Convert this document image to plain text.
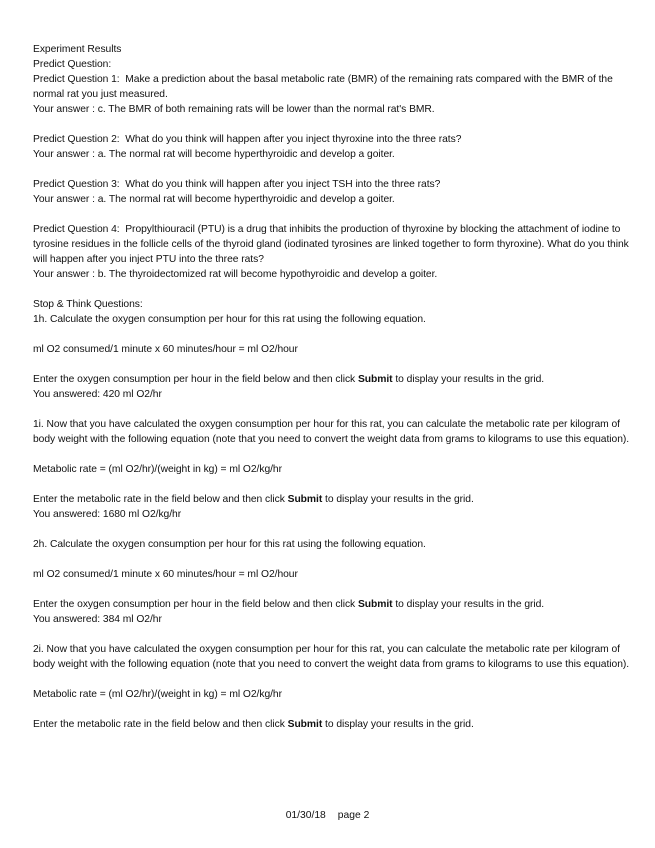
Experiment Results
Predict Question:
Predict Question 1:  Make a prediction about the basal metabolic rate (BMR) of the remaining rats compared with the BMR of the normal rat you just measured.
Your answer : c. The BMR of both remaining rats will be lower than the normal rat's BMR.
Predict Question 2:  What do you think will happen after you inject thyroxine into the three rats?
Your answer : a. The normal rat will become hyperthyroidic and develop a goiter.
Predict Question 3:  What do you think will happen after you inject TSH into the three rats?
Your answer : a. The normal rat will become hyperthyroidic and develop a goiter.
Predict Question 4:  Propylthiouracil (PTU) is a drug that inhibits the production of thyroxine by blocking the attachment of iodine to tyrosine residues in the follicle cells of the thyroid gland (iodinated tyrosines are linked together to form thyroxine). What do you think will happen after you inject PTU into the three rats?
Your answer : b. The thyroidectomized rat will become hypothyroidic and develop a goiter.
Stop & Think Questions:
1h. Calculate the oxygen consumption per hour for this rat using the following equation.
ml O2 consumed/1 minute x 60 minutes/hour = ml O2/hour
Enter the oxygen consumption per hour in the field below and then click Submit to display your results in the grid.
You answered: 420 ml O2/hr
1i. Now that you have calculated the oxygen consumption per hour for this rat, you can calculate the metabolic rate per kilogram of body weight with the following equation (note that you need to convert the weight data from grams to kilograms to use this equation).
Metabolic rate = (ml O2/hr)/(weight in kg) = ml O2/kg/hr
Enter the metabolic rate in the field below and then click Submit to display your results in the grid.
You answered: 1680 ml O2/kg/hr
2h. Calculate the oxygen consumption per hour for this rat using the following equation.
ml O2 consumed/1 minute x 60 minutes/hour = ml O2/hour
Enter the oxygen consumption per hour in the field below and then click Submit to display your results in the grid.
You answered: 384 ml O2/hr
2i. Now that you have calculated the oxygen consumption per hour for this rat, you can calculate the metabolic rate per kilogram of body weight with the following equation (note that you need to convert the weight data from grams to kilograms to use this equation).
Metabolic rate = (ml O2/hr)/(weight in kg) = ml O2/kg/hr
Enter the metabolic rate in the field below and then click Submit to display your results in the grid.
01/30/18 page 2
